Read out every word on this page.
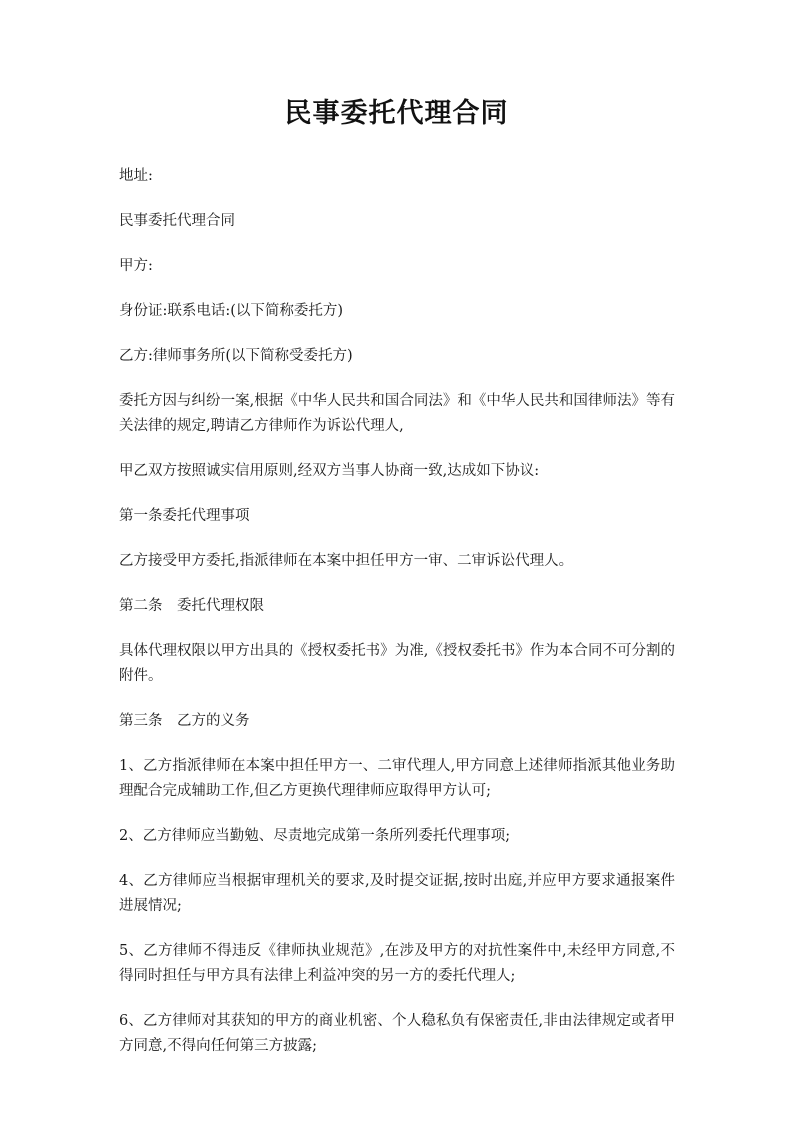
民事委托代理合同

地址:

民事委托代理合同

甲方:

身份证:联系电话:(以下简称委托方)

乙方:律师事务所(以下简称受委托方)

委托方因与纠纷一案,根据《中华人民共和国合同法》和《中华人民共和国律师法》等有关法律的规定,聘请乙方律师作为诉讼代理人,

甲乙双方按照诚实信用原则,经双方当事人协商一致,达成如下协议:

第一条委托代理事项

乙方接受甲方委托,指派律师在本案中担任甲方一审、二审诉讼代理人。

第二条　委托代理权限

具体代理权限以甲方出具的《授权委托书》为准,《授权委托书》作为本合同不可分割的附件。

第三条　乙方的义务

1、乙方指派律师在本案中担任甲方一、二审代理人,甲方同意上述律师指派其他业务助理配合完成辅助工作,但乙方更换代理律师应取得甲方认可;

2、乙方律师应当勤勉、尽责地完成第一条所列委托代理事项;

4、乙方律师应当根据审理机关的要求,及时提交证据,按时出庭,并应甲方要求通报案件进展情况;

5、乙方律师不得违反《律师执业规范》,在涉及甲方的对抗性案件中,未经甲方同意,不得同时担任与甲方具有法律上利益冲突的另一方的委托代理人;

6、乙方律师对其获知的甲方的商业机密、个人稳私负有保密责任,非由法律规定或者甲方同意,不得向任何第三方披露;
